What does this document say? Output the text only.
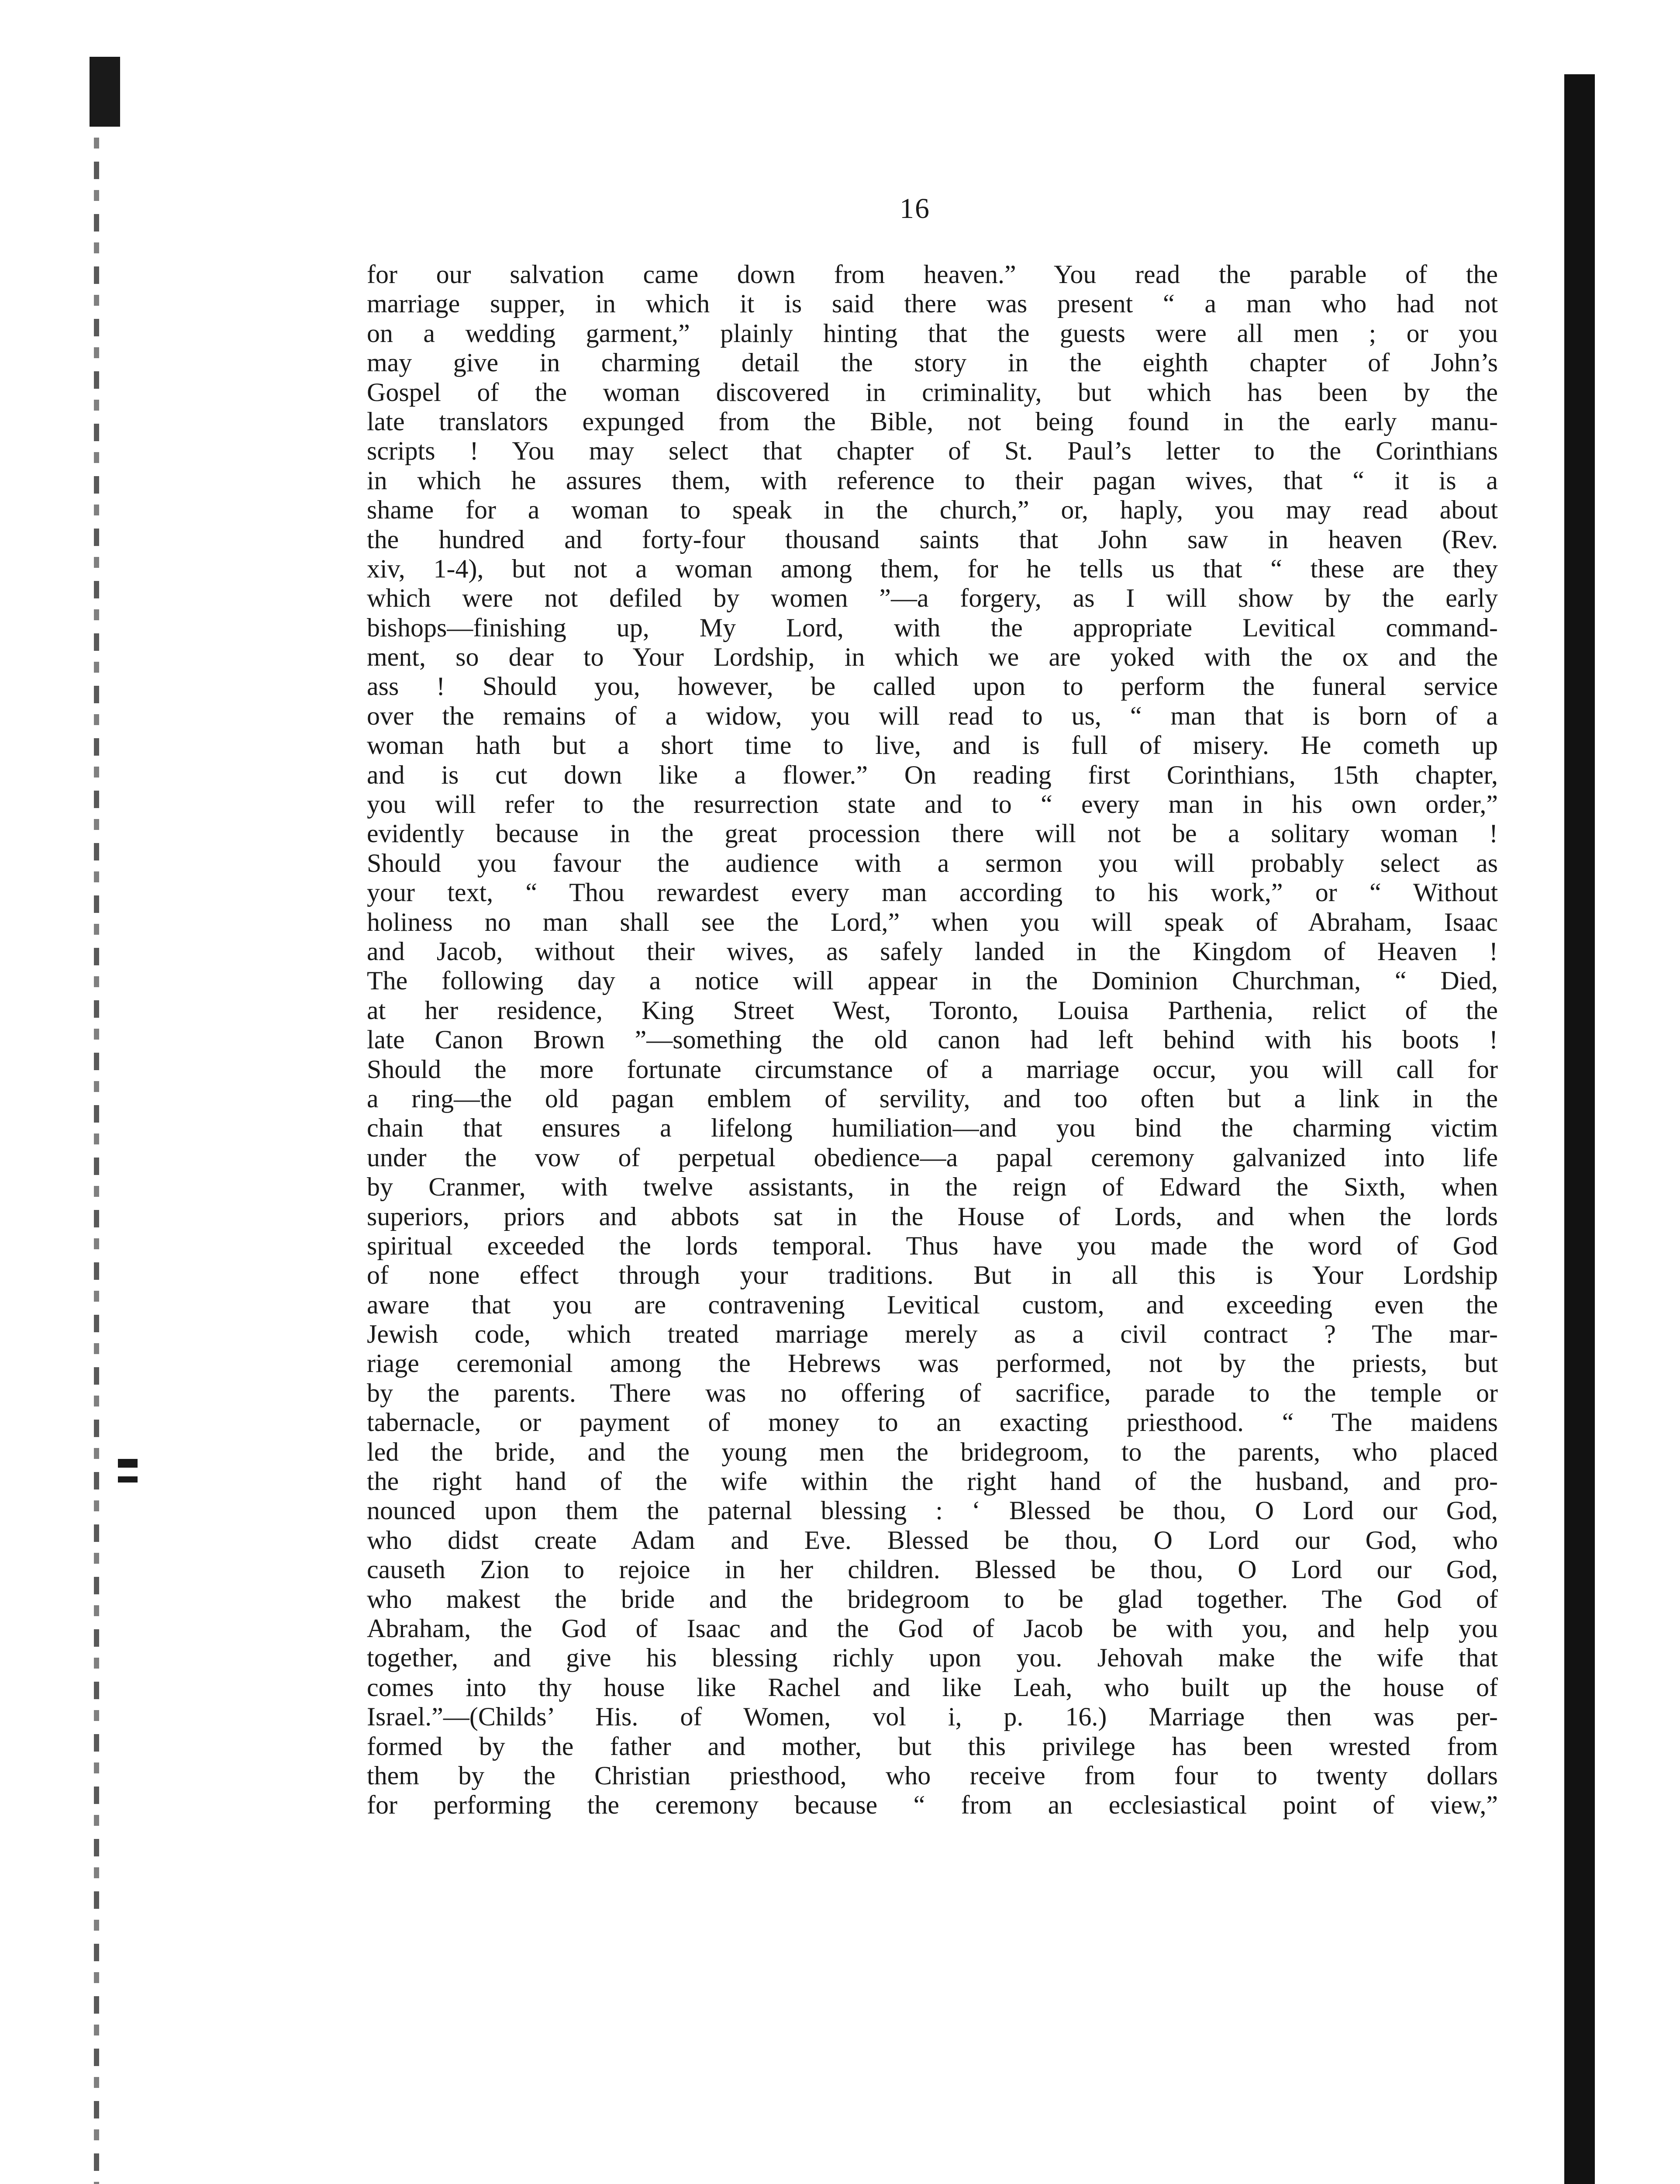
16
for our salvation came down from heaven.” You read the parable of the
marriage supper, in which it is said there was present “ a man who had not
on a wedding garment,” plainly hinting that the guests were all men ; or you
may give in charming detail the story in the eighth chapter of John’s
Gospel of the woman discovered in criminality, but which has been by the
late translators expunged from the Bible, not being found in the early manu-
scripts ! You may select that chapter of St. Paul’s letter to the Corinthians
in which he assures them, with reference to their pagan wives, that “ it is a
shame for a woman to speak in the church,” or, haply, you may read about
the hundred and forty-four thousand saints that John saw in heaven (Rev.
xiv, 1-4), but not a woman among them, for he tells us that “ these are they
which were not defiled by women ”—a forgery, as I will show by the early
bishops—finishing up, My Lord, with the appropriate Levitical command-
ment, so dear to Your Lordship, in which we are yoked with the ox and the
ass ! Should you, however, be called upon to perform the funeral service
over the remains of a widow, you will read to us, “ man that is born of a
woman hath but a short time to live, and is full of misery. He cometh up
and is cut down like a flower.” On reading first Corinthians, 15th chapter,
you will refer to the resurrection state and to “ every man in his own order,”
evidently because in the great procession there will not be a solitary woman !
Should you favour the audience with a sermon you will probably select as
your text, “ Thou rewardest every man according to his work,” or “ Without
holiness no man shall see the Lord,” when you will speak of Abraham, Isaac
and Jacob, without their wives, as safely landed in the Kingdom of Heaven !
The following day a notice will appear in the Dominion Churchman, “ Died,
at her residence, King Street West, Toronto, Louisa Parthenia, relict of the
late Canon Brown ”—something the old canon had left behind with his boots !
Should the more fortunate circumstance of a marriage occur, you will call for
a ring—the old pagan emblem of servility, and too often but a link in the
chain that ensures a lifelong humiliation—and you bind the charming victim
under the vow of perpetual obedience—a papal ceremony galvanized into life
by Cranmer, with twelve assistants, in the reign of Edward the Sixth, when
superiors, priors and abbots sat in the House of Lords, and when the lords
spiritual exceeded the lords temporal. Thus have you made the word of God
of none effect through your traditions. But in all this is Your Lordship
aware that you are contravening Levitical custom, and exceeding even the
Jewish code, which treated marriage merely as a civil contract ? The mar-
riage ceremonial among the Hebrews was performed, not by the priests, but
by the parents. There was no offering of sacrifice, parade to the temple or
tabernacle, or payment of money to an exacting priesthood. “ The maidens
led the bride, and the young men the bridegroom, to the parents, who placed
the right hand of the wife within the right hand of the husband, and pro-
nounced upon them the paternal blessing : ‘ Blessed be thou, O Lord our God,
who didst create Adam and Eve. Blessed be thou, O Lord our God, who
causeth Zion to rejoice in her children. Blessed be thou, O Lord our God,
who makest the bride and the bridegroom to be glad together. The God of
Abraham, the God of Isaac and the God of Jacob be with you, and help you
together, and give his blessing richly upon you. Jehovah make the wife that
comes into thy house like Rachel and like Leah, who built up the house of
Israel.”—(Childs’ His. of Women, vol i, p. 16.) Marriage then was per-
formed by the father and mother, but this privilege has been wrested from
them by the Christian priesthood, who receive from four to twenty dollars
for performing the ceremony because “ from an ecclesiastical point of view,”
